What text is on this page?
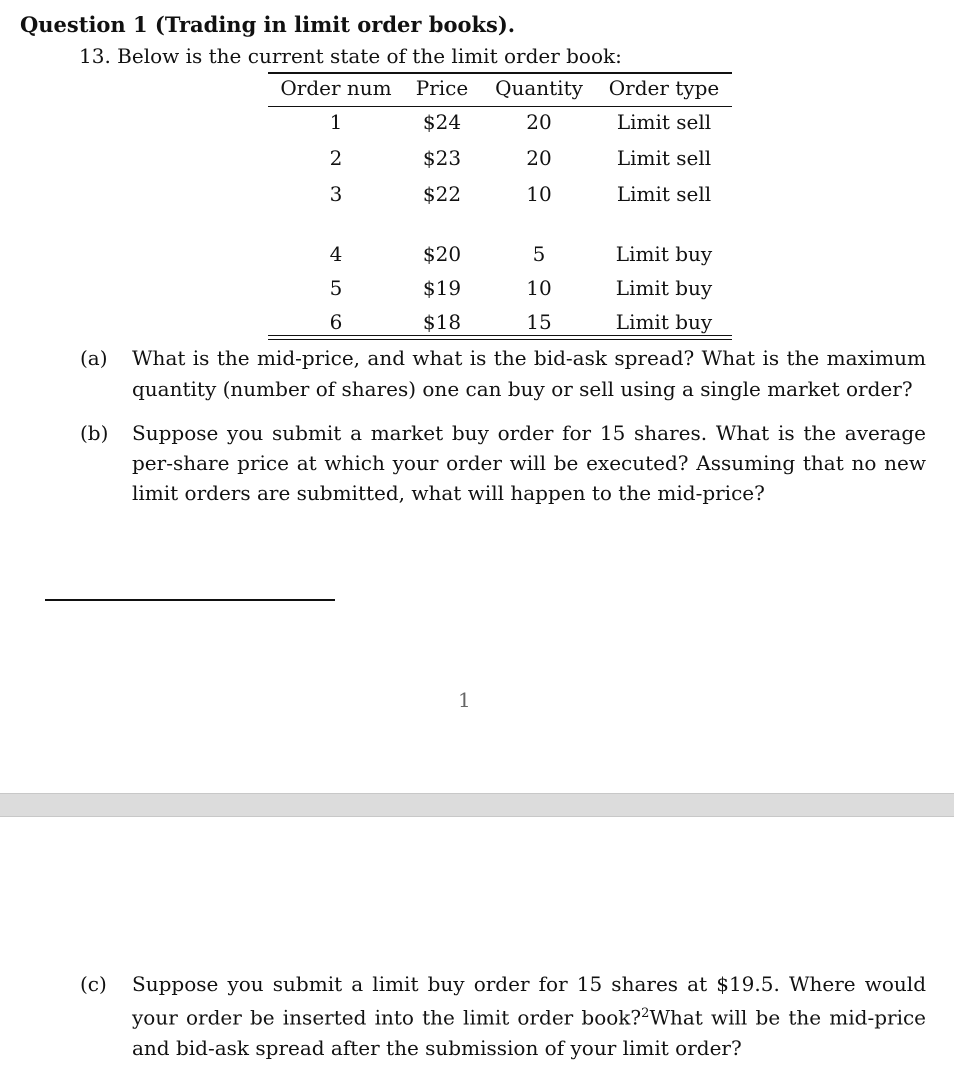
Question 1 (Trading in limit order books).
13. Below is the current state of the limit order book:
Order num	Price	Quantity	Order type
1	$24	20	Limit sell
2	$23	20	Limit sell
3	$22	10	Limit sell
4	$20	5	Limit buy
5	$19	10	Limit buy
6	$18	15	Limit buy
(a) What is the mid-price, and what is the bid-ask spread? What is the maximum quantity (number of shares) one can buy or sell using a single market order?
(b) Suppose you submit a market buy order for 15 shares. What is the average per-share price at which your order will be executed? Assuming that no new limit orders are submitted, what will happen to the mid-price?
1
(c) Suppose you submit a limit buy order for 15 shares at $19.5. Where would your order be inserted into the limit order book?$^2$What will be the mid-price and bid-ask spread after the submission of your limit order?
